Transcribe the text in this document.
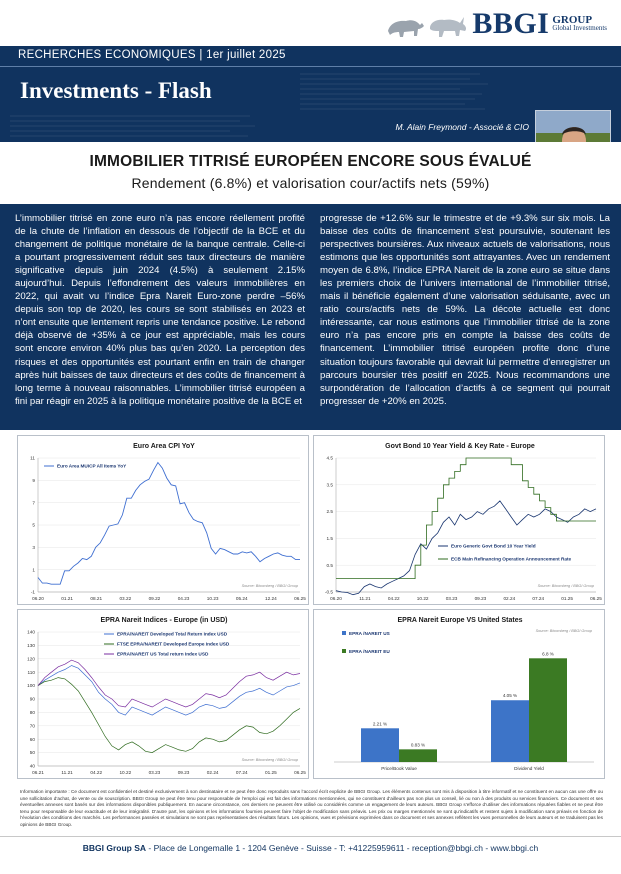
BBGI GROUP
Global Investments
RECHERCHES ECONOMIQUES | 1er juillet 2025
Investments - Flash
M. Alain Freymond - Associé & CIO
IMMOBILIER TITRISÉ EUROPÉEN ENCORE SOUS ÉVALUÉ
Rendement (6.8%) et valorisation cour/actifs nets (59%)
L’immobilier titrisé en zone euro n’a pas encore réellement profité de la chute de l’inflation en dessous de l’objectif de la BCE et du changement de politique monétaire de la banque centrale. Celle-ci a pourtant progressivement réduit ses taux directeurs de manière significative depuis juin 2024 (4.5%) à seulement 2.15% aujourd’hui. Depuis l’effondrement des valeurs immobilières en 2022, qui avait vu l’indice Epra Nareit Euro-zone perdre –56% depuis son top de 2020, les cours se sont stabilisés en 2023 et n’ont ensuite que lentement repris une tendance positive. Le rebond déjà observé de +35% à ce jour est appréciable, mais les cours sont encore environ 40% plus bas qu’en 2020. La perception des risques et des opportunités est pourtant enfin en train de changer après huit baisses de taux directeurs et des coûts de financement à long terme à nouveau raisonnables. L’immobilier titrisé européen a fini par réagir en 2025 à la politique monétaire positive de la BCE et
progresse de +12.6% sur le trimestre et de +9.3% sur six mois. La baisse des coûts de financement s’est poursuivie, soutenant les perspectives boursières. Aux niveaux actuels de valorisations, nous estimons que les opportunités sont attrayantes. Avec un rendement moyen de 6.8%, l’indice EPRA Nareit de la zone euro se situe dans les premiers choix de l’univers international de l’immobilier titrisé, mais il bénéficie également d’une valorisation séduisante, avec un ratio cours/actifs nets de 59%. La décote actuelle est donc intéressante, car nous estimons que l’immobilier titrisé de la zone euro n’a pas encore pris en compte la baisse des coûts de financement. L’immobilier titrisé européen profite donc d’une situation toujours favorable qui devrait lui permettre d’enregistrer un parcours boursier très positif en 2025. Nous recommandons une surpondération de l’allocation d’actifs à ce segment qui pourrait progresser de +20% en 2025.
Euro Area CPI YoY
-1
1
3
5
7
9
11
06.20	01.21	08.21	03.22	09.22	04.23	10.23	05.24	12.24	06.25
Euro Area MUICP All Items YoY
Source: Bloomberg / BBGI Group
Govt Bond 10 Year Yield & Key Rate - Europe
-0.5
0.5
1.5
2.5
3.5
4.5
06.20	11.21	04.22	10.22	03.23	09.23	02.24	07.24	01.25	06.25
Euro Generic Govt Bond 10 Year Yield
ECB Main Refinancing Operation Announcement Rate
Source: Bloomberg / BBGI Group
EPRA Nareit Indices - Europe (in USD)
40
50
60
70
80
90
100
110
120
130
140
06.21	11.21	04.22	10.22	03.23	09.23	02.24	07.24	01.25	06.25
EPRA/NAREIT Developed Total Return Index USD
FTSE EPRA/NAREIT Developed Europe Index USD
EPRA/NAREIT US Total return Index USD
Source: Bloomberg / BBGI Group
EPRA Nareit Europe VS United States
Price/Book Value
2.21 %
0.83 %
Dividend Yield
4.05 %
6.8 %
EPRA /NAREIT US
EPRA /NAREIT EU
Source: Bloomberg / BBGI Group
Information importante : Ce document est confidentiel et destiné exclusivement à son destinataire et ne peut être donc reproduits sans l’accord écrit explicite de BBGI Group. Les éléments contenus sont mis à disposition à titre informatif et ne constituent en aucun cas une offre ou une sollicitation d’achat, de vente ou de souscription. BBGI Group ne peut être tenu pour responsable de l’emploi qui est fait des informations mentionnées, qui ne constituent d’ailleurs pas non plus un conseil, lié ou non à des produits ou services financiers. Ce document et ses éventuelles annexes sont basés sur des informations disponibles publiquement. En aucune circonstance, ces derniers ne peuvent être utilisé ou considérés comme un engagement de leurs auteurs. BBGI Group s’efforce d’utiliser des informations réputées fiables et ne peut être tenu pour responsable de leur exactitude et de leur intégralité. D’autre part, les opinions et les informations fournies peuvent faire l’objet de modification sans préavis. Les prix ou marges mentionnés ne sont qu’indicatifs et restent sujets à modification sans préavis en fonction de l’évolution des conditions des marchés. Les performances passées et simulations ne sont pas représentatives des résultats futurs. Les opinions, vues et prévisions exprimées dans ce document et ses annexes reflètent les vues personnelles de leurs auteurs et ne traduisent pas les opinions de BBGI Group.
BBGI Group SA - Place de Longemalle 1 - 1204 Genève - Suisse - T: +41225959611 - reception@bbgi.ch - www.bbgi.ch
